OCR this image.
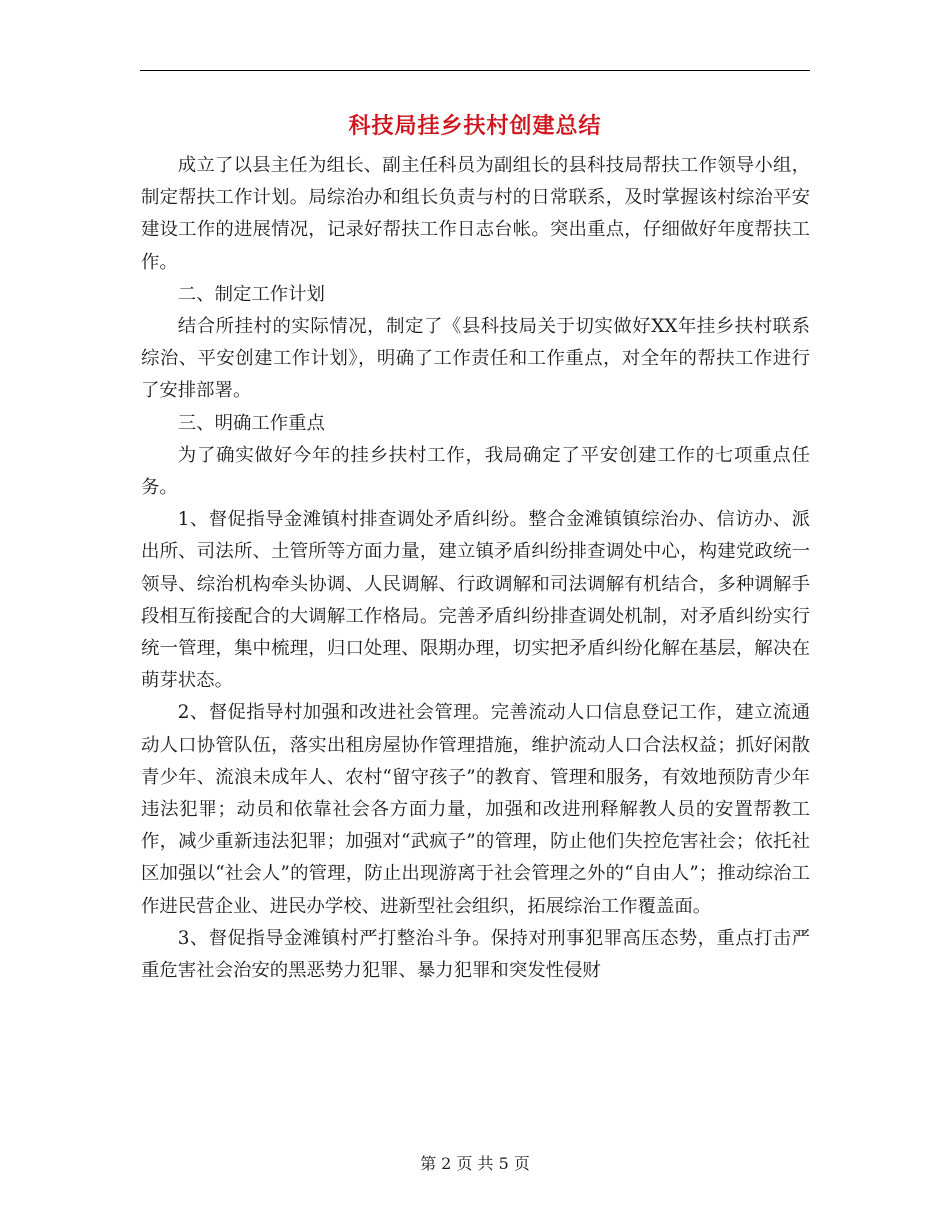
科技局挂乡扶村创建总结

成立了以县主任为组长、副主任科员为副组长的县科技局帮扶工作领导小组，制定帮扶工作计划。局综治办和组长负责与村的日常联系，及时掌握该村综治平安建设工作的进展情况，记录好帮扶工作日志台帐。突出重点，仔细做好年度帮扶工作。

二、制定工作计划

结合所挂村的实际情况，制定了《县科技局关于切实做好XX年挂乡扶村联系综治、平安创建工作计划》，明确了工作责任和工作重点，对全年的帮扶工作进行了安排部署。

三、明确工作重点

为了确实做好今年的挂乡扶村工作，我局确定了平安创建工作的七项重点任务。

1、督促指导金滩镇村排查调处矛盾纠纷。整合金滩镇镇综治办、信访办、派出所、司法所、土管所等方面力量，建立镇矛盾纠纷排查调处中心，构建党政统一领导、综治机构牵头协调、人民调解、行政调解和司法调解有机结合，多种调解手段相互衔接配合的大调解工作格局。完善矛盾纠纷排查调处机制，对矛盾纠纷实行统一管理，集中梳理，归口处理、限期办理，切实把矛盾纠纷化解在基层，解决在萌芽状态。

2、督促指导村加强和改进社会管理。完善流动人口信息登记工作，建立流通动人口协管队伍，落实出租房屋协作管理措施，维护流动人口合法权益；抓好闲散青少年、流浪未成年人、农村“留守孩子”的教育、管理和服务，有效地预防青少年违法犯罪；动员和依靠社会各方面力量，加强和改进刑释解教人员的安置帮教工作，减少重新违法犯罪；加强对“武疯子”的管理，防止他们失控危害社会；依托社区加强以“社会人”的管理，防止出现游离于社会管理之外的“自由人”；推动综治工作进民营企业、进民办学校、进新型社会组织，拓展综治工作覆盖面。

3、督促指导金滩镇村严打整治斗争。保持对刑事犯罪高压态势，重点打击严重危害社会治安的黑恶势力犯罪、暴力犯罪和突发性侵财

第 2 页 共 5 页
